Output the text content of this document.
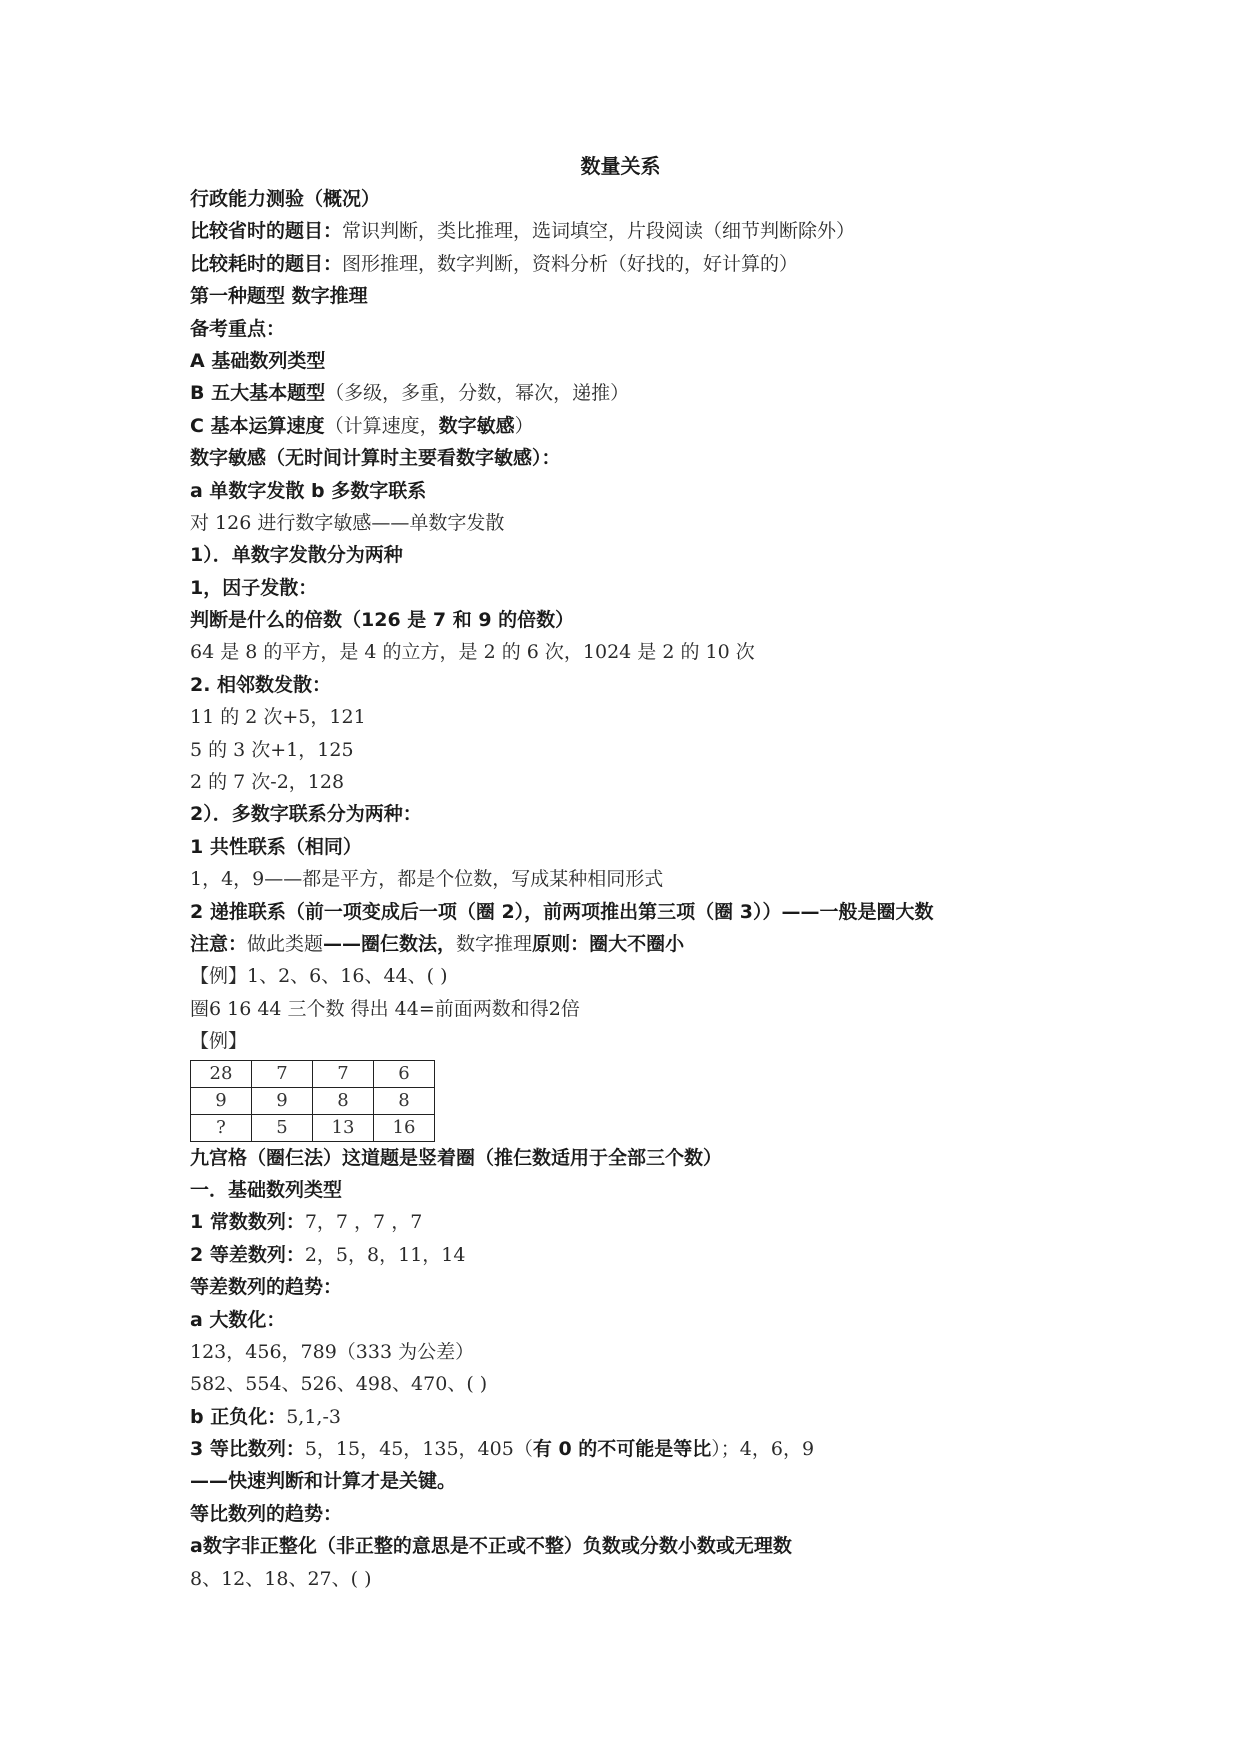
数量关系
行政能力测验（概况）
比较省时的题目：常识判断，类比推理，选词填空，片段阅读（细节判断除外）
比较耗时的题目：图形推理，数字判断，资料分析（好找的，好计算的）
第一种题型 数字推理
备考重点：
A 基础数列类型
B 五大基本题型（多级，多重，分数，幂次，递推）
C 基本运算速度（计算速度，数字敏感）
数字敏感（无时间计算时主要看数字敏感）：
a 单数字发散 b 多数字联系
对 126 进行数字敏感——单数字发散
1）．单数字发散分为两种
1，因子发散：
判断是什么的倍数（126 是 7 和 9 的倍数）
64 是 8 的平方，是 4 的立方，是 2 的 6 次，1024 是 2 的 10 次
2. 相邻数发散：
11 的 2 次+5，121
5 的 3 次+1，125
2 的 7 次-2，128
2）．多数字联系分为两种：
1 共性联系（相同）
1，4，9——都是平方，都是个位数，写成某种相同形式
2 递推联系（前一项变成后一项（圈 2），前两项推出第三项（圈 3））——一般是圈大数
注意：做此类题——圈仨数法，数字推理原则：圈大不圈小
【例】1、2、6、16、44、( )
圈6 16 44 三个数 得出 44=前面两数和得2倍
【例】
28	7	7	6
9	9	8	8
?	5	13	16
九宫格（圈仨法）这道题是竖着圈（推仨数适用于全部三个数）
一．基础数列类型
1 常数数列：7，7 ，7 ，7
2 等差数列：2，5，8，11，14
等差数列的趋势：
a 大数化：
123，456，789（333 为公差）
582、554、526、498、470、( )
b 正负化：5,1,-3
3 等比数列：5，15，45，135，405（有 0 的不可能是等比）；4，6，9
——快速判断和计算才是关键。
等比数列的趋势：
a数字非正整化（非正整的意思是不正或不整）负数或分数小数或无理数
8、12、18、27、( )
